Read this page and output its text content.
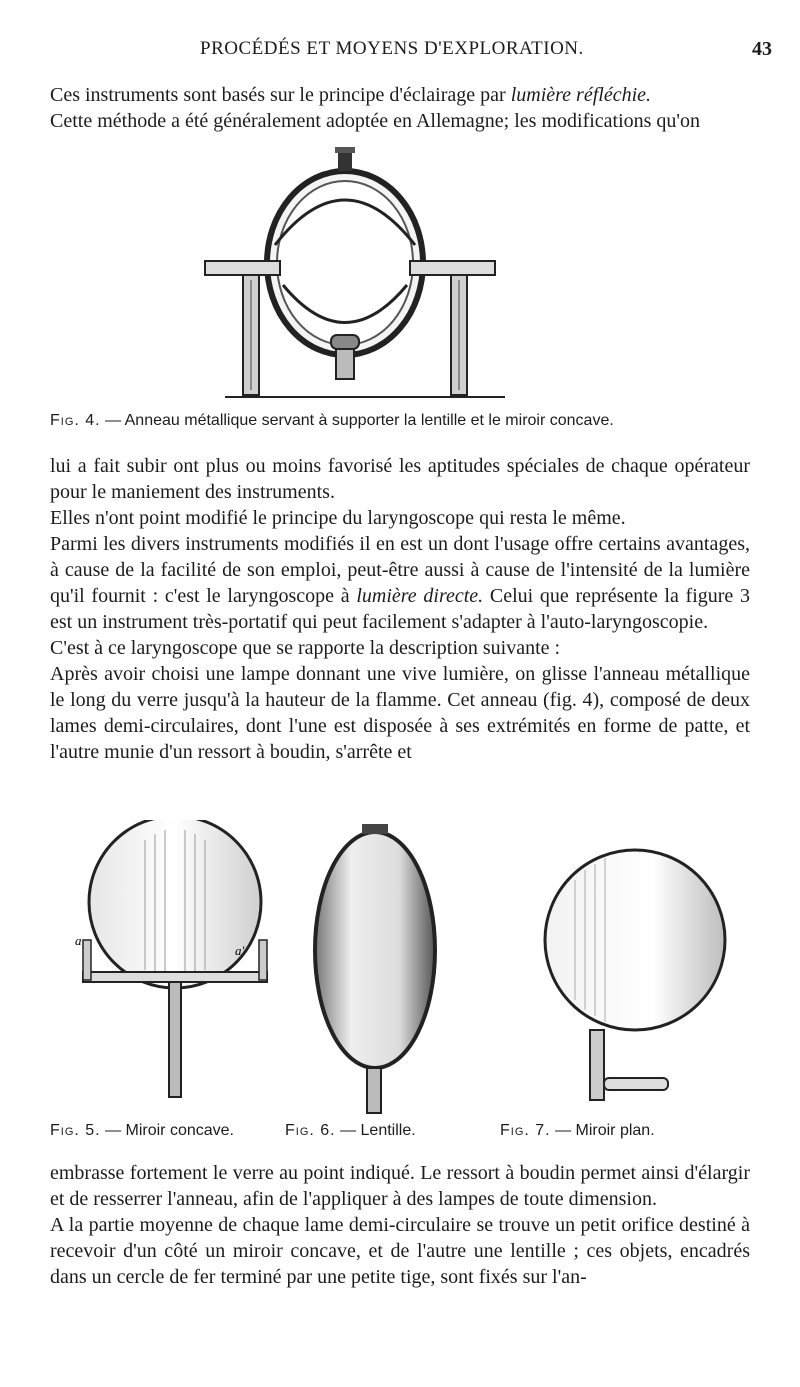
PROCÉDÉS ET MOYENS D'EXPLORATION.	43

Ces instruments sont basés sur le principe d'éclairage par lumière réfléchie.
Cette méthode a été généralement adoptée en Allemagne; les modifications qu'on

Fig. 4. — Anneau métallique servant à supporter la lentille et le miroir concave.
lui a fait subir ont plus ou moins favorisé les aptitudes spéciales de chaque opérateur pour le maniement des instruments.
Elles n'ont point modifié le principe du laryngoscope qui resta le même.
Parmi les divers instruments modifiés il en est un dont l'usage offre certains avantages, à cause de la facilité de son emploi, peut-être aussi à cause de l'intensité de la lumière qu'il fournit : c'est le laryngoscope à lumière directe. Celui que représente la figure 3 est un instrument très-portatif qui peut facilement s'adapter à l'auto-laryngoscopie.
C'est à ce laryngoscope que se rapporte la description suivante :
Après avoir choisi une lampe donnant une vive lumière, on glisse l'anneau métallique le long du verre jusqu'à la hauteur de la flamme. Cet anneau (fig. 4), composé de deux lames demi-circulaires, dont l'une est disposée à ses extrémités en forme de patte, et l'autre munie d'un ressort à boudin, s'arrête et
a
a'
Fig. 5. — Miroir concave.	Fig. 6. — Lentille.	Fig. 7. — Miroir plan.
embrasse fortement le verre au point indiqué. Le ressort à boudin permet ainsi d'élargir et de resserrer l'anneau, afin de l'appliquer à des lampes de toute dimension.
A la partie moyenne de chaque lame demi-circulaire se trouve un petit orifice destiné à recevoir d'un côté un miroir concave, et de l'autre une lentille ; ces objets, encadrés dans un cercle de fer terminé par une petite tige, sont fixés sur l'an-
